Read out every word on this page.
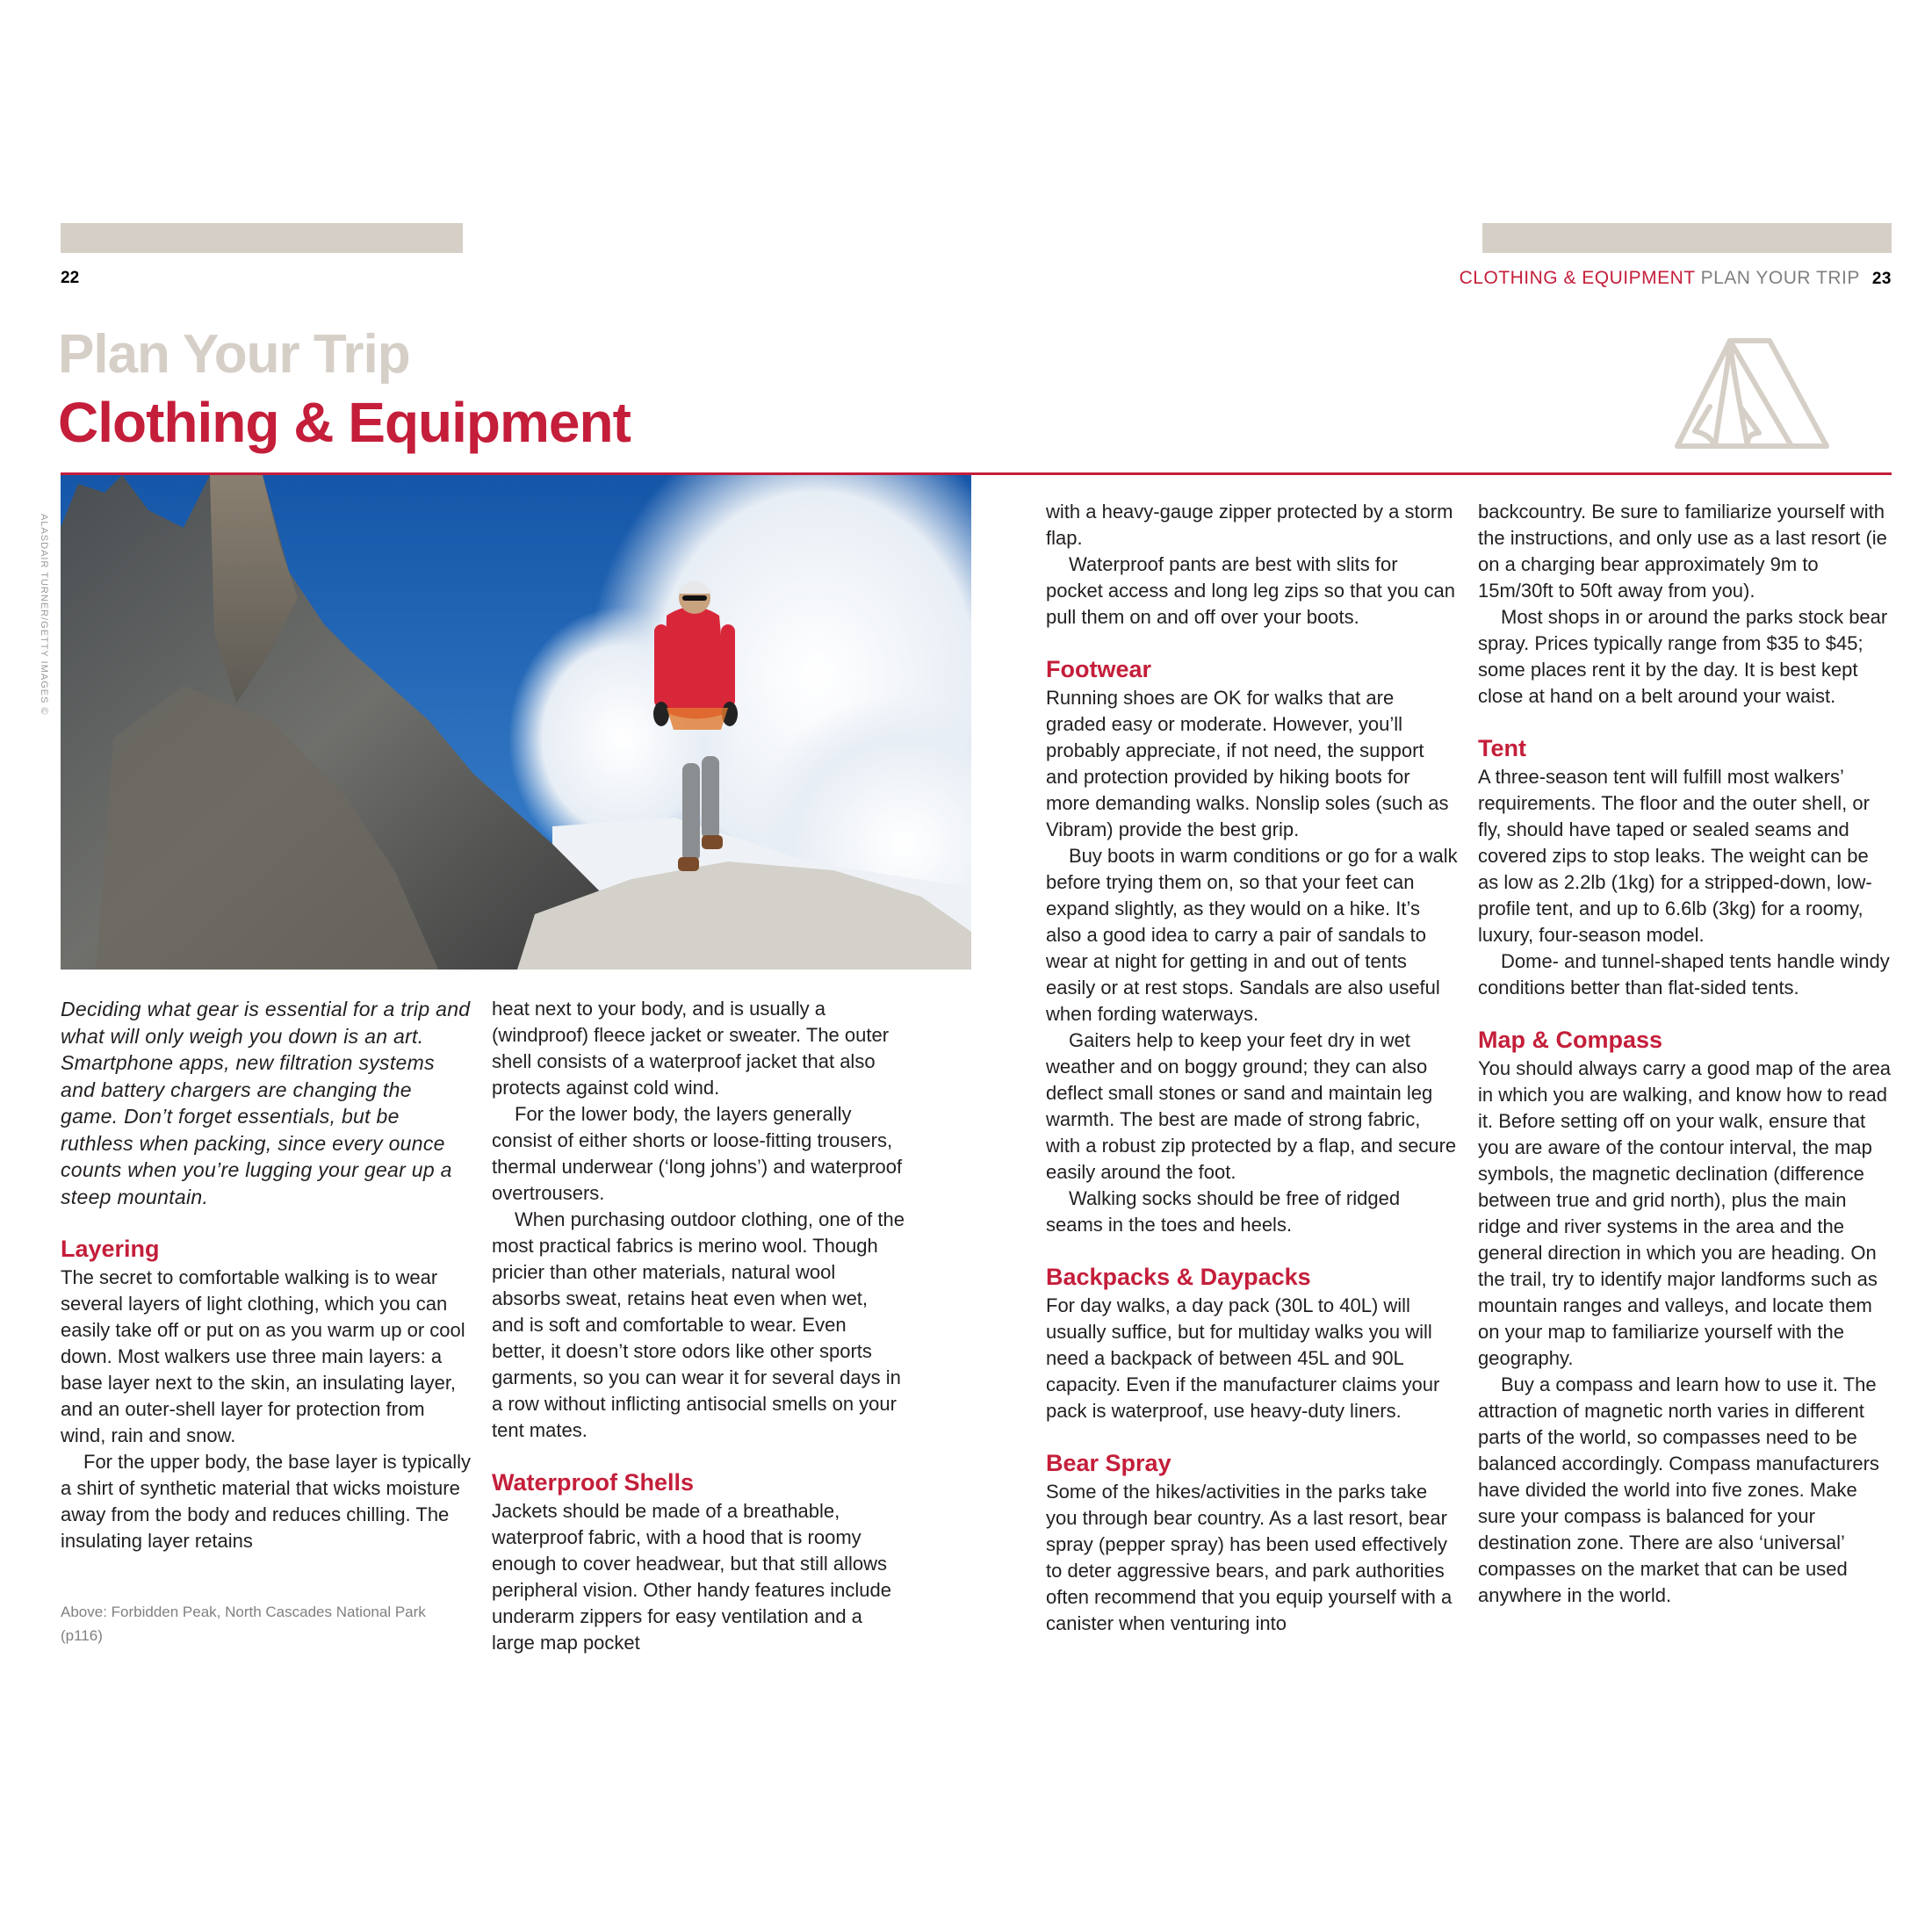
22	CLOTHING & EQUIPMENT PLAN YOUR TRIP 23
Plan Your Trip
Clothing & Equipment
ALASDAIR TURNER/GETTY IMAGES ©

Deciding what gear is essential for a trip and what will only weigh you down is an art. Smartphone apps, new filtration systems and battery chargers are changing the game. Don’t forget essentials, but be ruthless when packing, since every ounce counts when you’re lugging your gear up a steep mountain.

Layering

The secret to comfortable walking is to wear several layers of light clothing, which you can easily take off or put on as you warm up or cool down. Most walkers use three main layers: a base layer next to the skin, an insulating layer, and an outer-shell layer for protection from wind, rain and snow.

For the upper body, the base layer is typically a shirt of synthetic material that wicks moisture away from the body and reduces chilling. The insulating layer retains

Above: Forbidden Peak, North Cascades National Park (p116)

heat next to your body, and is usually a (windproof) fleece jacket or sweater. The outer shell consists of a waterproof jacket that also protects against cold wind.

For the lower body, the layers generally consist of either shorts or loose-fitting trousers, thermal underwear (‘long johns’) and waterproof overtrousers.

When purchasing outdoor clothing, one of the most practical fabrics is merino wool. Though pricier than other materials, natural wool absorbs sweat, retains heat even when wet, and is soft and comfortable to wear. Even better, it doesn’t store odors like other sports garments, so you can wear it for several days in a row without inflicting antisocial smells on your tent mates.

Waterproof Shells

Jackets should be made of a breathable, waterproof fabric, with a hood that is roomy enough to cover headwear, but that still allows peripheral vision. Other handy features include underarm zippers for easy ventilation and a large map pocket

with a heavy-gauge zipper protected by a storm flap.

Waterproof pants are best with slits for pocket access and long leg zips so that you can pull them on and off over your boots.

Footwear

Running shoes are OK for walks that are graded easy or moderate. However, you’ll probably appreciate, if not need, the support and protection provided by hiking boots for more demanding walks. Nonslip soles (such as Vibram) provide the best grip.

Buy boots in warm conditions or go for a walk before trying them on, so that your feet can expand slightly, as they would on a hike. It’s also a good idea to carry a pair of sandals to wear at night for getting in and out of tents easily or at rest stops. Sandals are also useful when fording waterways.

Gaiters help to keep your feet dry in wet weather and on boggy ground; they can also deflect small stones or sand and maintain leg warmth. The best are made of strong fabric, with a robust zip protected by a flap, and secure easily around the foot.

Walking socks should be free of ridged seams in the toes and heels.

Backpacks & Daypacks

For day walks, a day pack (30L to 40L) will usually suffice, but for multiday walks you will need a backpack of between 45L and 90L capacity. Even if the manufacturer claims your pack is waterproof, use heavy-duty liners.

Bear Spray

Some of the hikes/activities in the parks take you through bear country. As a last resort, bear spray (pepper spray) has been used effectively to deter aggressive bears, and park authorities often recommend that you equip yourself with a canister when venturing into

backcountry. Be sure to familiarize yourself with the instructions, and only use as a last resort (ie on a charging bear approximately 9m to 15m/30ft to 50ft away from you).

Most shops in or around the parks stock bear spray. Prices typically range from $35 to $45; some places rent it by the day. It is best kept close at hand on a belt around your waist.

Tent

A three-season tent will fulfill most walkers’ requirements. The floor and the outer shell, or fly, should have taped or sealed seams and covered zips to stop leaks. The weight can be as low as 2.2lb (1kg) for a stripped-down, low-profile tent, and up to 6.6lb (3kg) for a roomy, luxury, four-season model.

Dome- and tunnel-shaped tents handle windy conditions better than flat-sided tents.

Map & Compass

You should always carry a good map of the area in which you are walking, and know how to read it. Before setting off on your walk, ensure that you are aware of the contour interval, the map symbols, the magnetic declination (difference between true and grid north), plus the main ridge and river systems in the area and the general direction in which you are heading. On the trail, try to identify major landforms such as mountain ranges and valleys, and locate them on your map to familiarize yourself with the geography.

Buy a compass and learn how to use it. The attraction of magnetic north varies in different parts of the world, so compasses need to be balanced accordingly. Compass manufacturers have divided the world into five zones. Make sure your compass is balanced for your destination zone. There are also ‘universal’ compasses on the market that can be used anywhere in the world.
